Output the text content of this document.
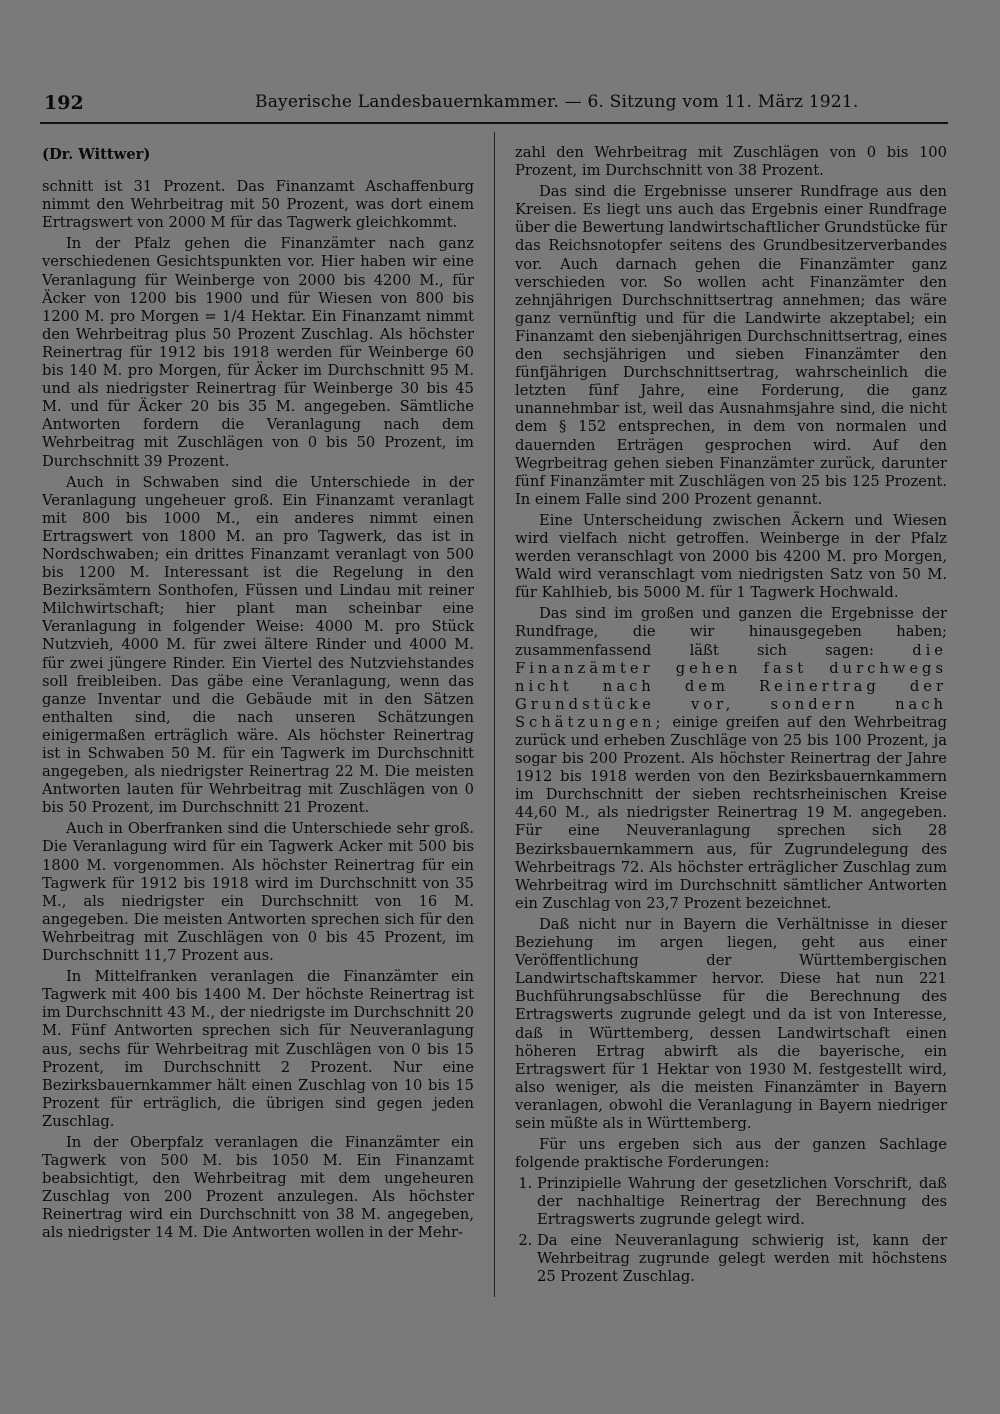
192	Bayerische Landesbauernkammer. — 6. Sitzung vom 11. März 1921.
(Dr. Wittwer)

schnitt ist 31 Prozent. Das Finanzamt Aschaffenburg nimmt den Wehrbeitrag mit 50 Prozent, was dort einem Ertragswert von 2000 M für das Tagwerk gleichkommt.

In der Pfalz gehen die Finanzämter nach ganz verschiedenen Gesichtspunkten vor. Hier haben wir eine Veranlagung für Weinberge von 2000 bis 4200 M., für Äcker von 1200 bis 1900 und für Wiesen von 800 bis 1200 M. pro Morgen = 1/4 Hektar. Ein Finanzamt nimmt den Wehrbeitrag plus 50 Prozent Zuschlag. Als höchster Reinertrag für 1912 bis 1918 werden für Weinberge 60 bis 140 M. pro Morgen, für Äcker im Durchschnitt 95 M. und als niedrigster Reinertrag für Weinberge 30 bis 45 M. und für Äcker 20 bis 35 M. angegeben. Sämtliche Antworten fordern die Veranlagung nach dem Wehrbeitrag mit Zuschlägen von 0 bis 50 Prozent, im Durchschnitt 39 Prozent.

Auch in Schwaben sind die Unterschiede in der Veranlagung ungeheuer groß. Ein Finanzamt veranlagt mit 800 bis 1000 M., ein anderes nimmt einen Ertragswert von 1800 M. an pro Tagwerk, das ist in Nordschwaben; ein drittes Finanzamt veranlagt von 500 bis 1200 M. Interessant ist die Regelung in den Bezirksämtern Sonthofen, Füssen und Lindau mit reiner Milchwirtschaft; hier plant man scheinbar eine Veranlagung in folgender Weise: 4000 M. pro Stück Nutzvieh, 4000 M. für zwei ältere Rinder und 4000 M. für zwei jüngere Rinder. Ein Viertel des Nutzviehstandes soll freibleiben. Das gäbe eine Veranlagung, wenn das ganze Inventar und die Gebäude mit in den Sätzen enthalten sind, die nach unseren Schätzungen einigermaßen erträglich wäre. Als höchster Reinertrag ist in Schwaben 50 M. für ein Tagwerk im Durchschnitt angegeben, als niedrigster Reinertrag 22 M. Die meisten Antworten lauten für Wehrbeitrag mit Zuschlägen von 0 bis 50 Prozent, im Durchschnitt 21 Prozent.

Auch in Oberfranken sind die Unterschiede sehr groß. Die Veranlagung wird für ein Tagwerk Acker mit 500 bis 1800 M. vorgenommen. Als höchster Reinertrag für ein Tagwerk für 1912 bis 1918 wird im Durchschnitt von 35 M., als niedrigster ein Durchschnitt von 16 M. angegeben. Die meisten Antworten sprechen sich für den Wehrbeitrag mit Zuschlägen von 0 bis 45 Prozent, im Durchschnitt 11,7 Prozent aus.

In Mittelfranken veranlagen die Finanzämter ein Tagwerk mit 400 bis 1400 M. Der höchste Reinertrag ist im Durchschnitt 43 M., der niedrigste im Durchschnitt 20 M. Fünf Antworten sprechen sich für Neuveranlagung aus, sechs für Wehrbeitrag mit Zuschlägen von 0 bis 15 Prozent, im Durchschnitt 2 Prozent. Nur eine Bezirksbauernkammer hält einen Zuschlag von 10 bis 15 Prozent für erträglich, die übrigen sind gegen jeden Zuschlag.

In der Oberpfalz veranlagen die Finanzämter ein Tagwerk von 500 M. bis 1050 M. Ein Finanzamt beabsichtigt, den Wehrbeitrag mit dem ungeheuren Zuschlag von 200 Prozent anzulegen. Als höchster Reinertrag wird ein Durchschnitt von 38 M. angegeben, als niedrigster 14 M. Die Antworten wollen in der Mehr-

zahl den Wehrbeitrag mit Zuschlägen von 0 bis 100 Prozent, im Durchschnitt von 38 Prozent.

Das sind die Ergebnisse unserer Rundfrage aus den Kreisen. Es liegt uns auch das Ergebnis einer Rundfrage über die Bewertung landwirtschaftlicher Grundstücke für das Reichsnotopfer seitens des Grundbesitzerverbandes vor. Auch darnach gehen die Finanzämter ganz verschieden vor. So wollen acht Finanzämter den zehnjährigen Durchschnittsertrag annehmen; das wäre ganz vernünftig und für die Landwirte akzeptabel; ein Finanzamt den siebenjährigen Durchschnittsertrag, eines den sechsjährigen und sieben Finanzämter den fünfjährigen Durchschnittsertrag, wahrscheinlich die letzten fünf Jahre, eine Forderung, die ganz unannehmbar ist, weil das Ausnahmsjahre sind, die nicht dem § 152 entsprechen, in dem von normalen und dauernden Erträgen gesprochen wird. Auf den Wegrbeitrag gehen sieben Finanzämter zurück, darunter fünf Finanzämter mit Zuschlägen von 25 bis 125 Prozent. In einem Falle sind 200 Prozent genannt.

Eine Unterscheidung zwischen Äckern und Wiesen wird vielfach nicht getroffen. Weinberge in der Pfalz werden veranschlagt von 2000 bis 4200 M. pro Morgen, Wald wird veranschlagt vom niedrigsten Satz von 50 M. für Kahlhieb, bis 5000 M. für 1 Tagwerk Hochwald.

Das sind im großen und ganzen die Ergebnisse der Rundfrage, die wir hinausgegeben haben; zusammenfassend läßt sich sagen:	die Finanzämter gehen fast durchwegs nicht nach dem Reinertrag der Grundstücke vor, sondern nach Schätzungen; einige greifen auf den Wehrbeitrag zurück und erheben Zuschläge von 25 bis 100 Prozent, ja sogar bis 200 Prozent. Als höchster Reinertrag der Jahre 1912 bis 1918 werden von den Bezirksbauernkammern im Durchschnitt der sieben rechtsrheinischen Kreise 44,60 M., als niedrigster Reinertrag 19 M. angegeben. Für eine Neuveranlagung sprechen sich 28 Bezirksbauernkammern aus, für Zugrundelegung des Wehrbeitrags 72. Als höchster erträglicher Zuschlag zum Wehrbeitrag wird im Durchschnitt sämtlicher Antworten ein Zuschlag von 23,7 Prozent bezeichnet.

Daß nicht nur in Bayern die Verhältnisse in dieser Beziehung im argen liegen, geht aus einer Veröffentlichung der Württembergischen Landwirtschaftskammer hervor. Diese hat nun 221 Buchführungsabschlüsse für die Berechnung des Ertragswerts zugrunde gelegt und da ist von Interesse, daß in Württemberg, dessen Landwirtschaft einen höheren Ertrag abwirft als die bayerische, ein Ertragswert für 1 Hektar von 1930 M. festgestellt wird, also weniger, als die meisten Finanzämter in Bayern veranlagen, obwohl die Veranlagung in Bayern niedriger sein müßte als in Württemberg.

Für uns ergeben sich aus der ganzen Sachlage folgende praktische Forderungen:

1. Prinzipielle Wahrung der gesetzlichen Vorschrift, daß der nachhaltige Reinertrag der Berechnung des Ertragswerts zugrunde gelegt wird.
2. Da eine Neuveranlagung schwierig ist, kann der Wehrbeitrag zugrunde gelegt werden mit höchstens 25 Prozent Zuschlag.
